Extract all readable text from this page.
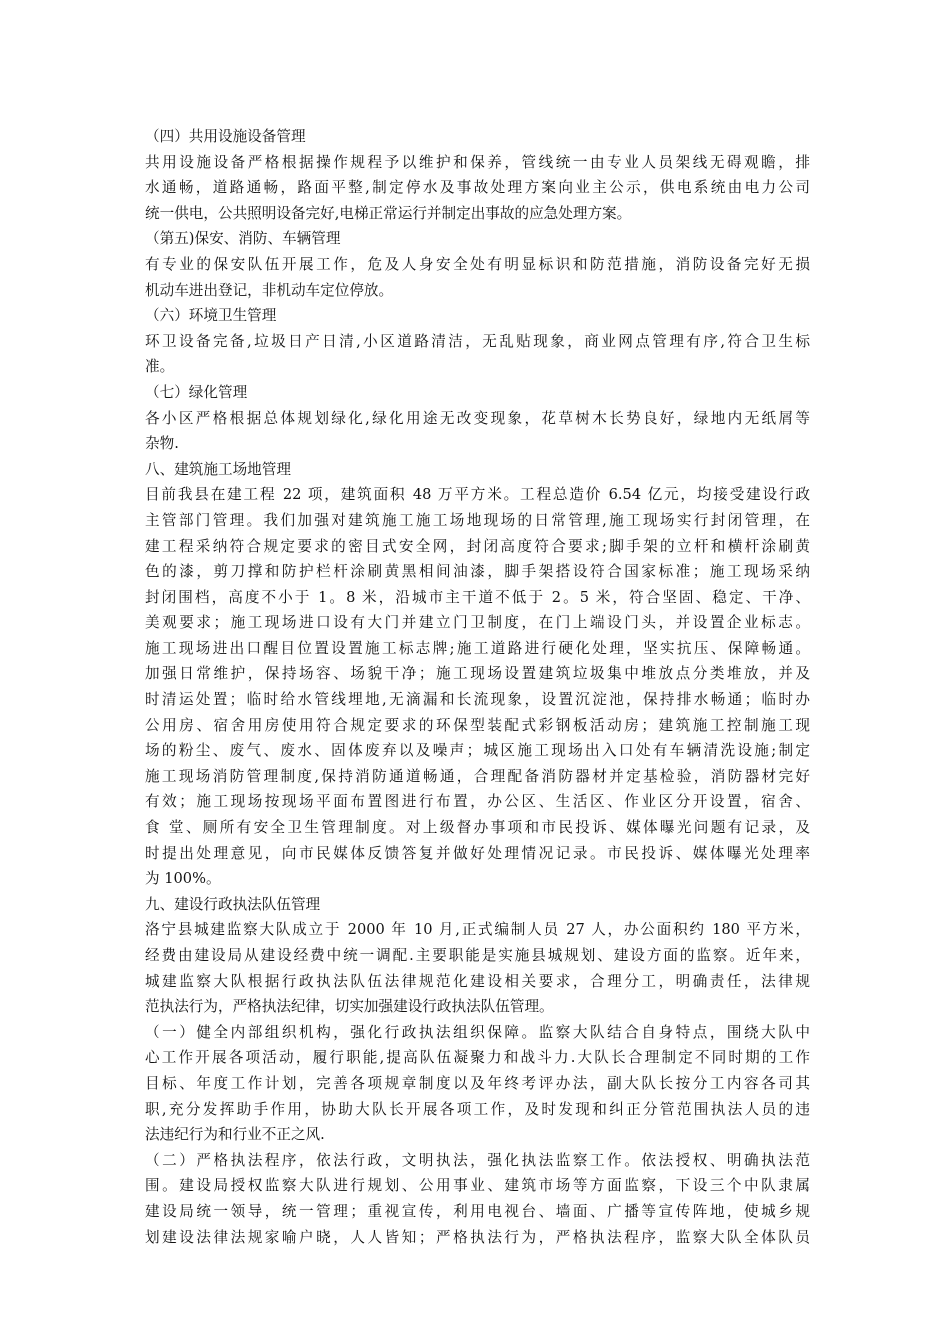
（四）共用设施设备管理
共用设施设备严格根据操作规程予以维护和保养，管线统一由专业人员架线无碍观瞻，排
水通畅，道路通畅，路面平整,制定停水及事故处理方案向业主公示，供电系统由电力公司
统一供电，公共照明设备完好,电梯正常运行并制定出事故的应急处理方案。
（第五)保安、消防、车辆管理
有专业的保安队伍开展工作，危及人身安全处有明显标识和防范措施，消防设备完好无损
机动车进出登记，非机动车定位停放。
（六）环境卫生管理
环卫设备完备,垃圾日产日清,小区道路清洁，无乱贴现象，商业网点管理有序,符合卫生标
准。
（七）绿化管理
各小区严格根据总体规划绿化,绿化用途无改变现象，花草树木长势良好，绿地内无纸屑等
杂物.
八、建筑施工场地管理
目前我县在建工程 22 项，建筑面积 48 万平方米。工程总造价 6.54 亿元，均接受建设行政
主管部门管理。我们加强对建筑施工施工场地现场的日常管理,施工现场实行封闭管理，在
建工程采纳符合规定要求的密目式安全网，封闭高度符合要求;脚手架的立杆和横杆涂刷黄
色的漆，剪刀撑和防护栏杆涂刷黄黑相间油漆，脚手架搭设符合国家标准；施工现场采纳
封闭围档，高度不小于 1。8 米，沿城市主干道不低于 2。5 米，符合坚固、稳定、干净、
美观要求；施工现场进口设有大门并建立门卫制度，在门上端设门头，并设置企业标志。
施工现场进出口醒目位置设置施工标志牌;施工道路进行硬化处理，坚实抗压、保障畅通。
加强日常维护，保持场容、场貌干净；施工现场设置建筑垃圾集中堆放点分类堆放，并及
时清运处置；临时给水管线埋地,无滴漏和长流现象，设置沉淀池，保持排水畅通；临时办
公用房、宿舍用房使用符合规定要求的环保型装配式彩钢板活动房；建筑施工控制施工现
场的粉尘、废气、废水、固体废弃以及噪声；城区施工现场出入口处有车辆清洗设施;制定
施工现场消防管理制度,保持消防通道畅通，合理配备消防器材并定基检验，消防器材完好
有效；施工现场按现场平面布置图进行布置，办公区、生活区、作业区分开设置，宿舍、
食 堂、厕所有安全卫生管理制度。对上级督办事项和市民投诉、媒体曝光问题有记录，及
时提出处理意见，向市民媒体反馈答复并做好处理情况记录。市民投诉、媒体曝光处理率
为 100%。
九、建设行政执法队伍管理
洛宁县城建监察大队成立于 2000 年 10 月,正式编制人员 27 人，办公面积约 180 平方米，
经费由建设局从建设经费中统一调配.主要职能是实施县城规划、建设方面的监察。近年来，
城建监察大队根据行政执法队伍法律规范化建设相关要求，合理分工，明确责任，法律规
范执法行为，严格执法纪律，切实加强建设行政执法队伍管理。
（一）健全内部组织机构，强化行政执法组织保障。监察大队结合自身特点，围绕大队中
心工作开展各项活动，履行职能,提高队伍凝聚力和战斗力.大队长合理制定不同时期的工作
目标、年度工作计划，完善各项规章制度以及年终考评办法，副大队长按分工内容各司其
职,充分发挥助手作用，协助大队长开展各项工作，及时发现和纠正分管范围执法人员的违
法违纪行为和行业不正之风.
（二）严格执法程序，依法行政，文明执法，强化执法监察工作。依法授权、明确执法范
围。建设局授权监察大队进行规划、公用事业、建筑市场等方面监察，下设三个中队隶属
建设局统一领导，统一管理；重视宣传，利用电视台、墙面、广播等宣传阵地，使城乡规
划建设法律法规家喻户晓，人人皆知；严格执法行为，严格执法程序，监察大队全体队员
